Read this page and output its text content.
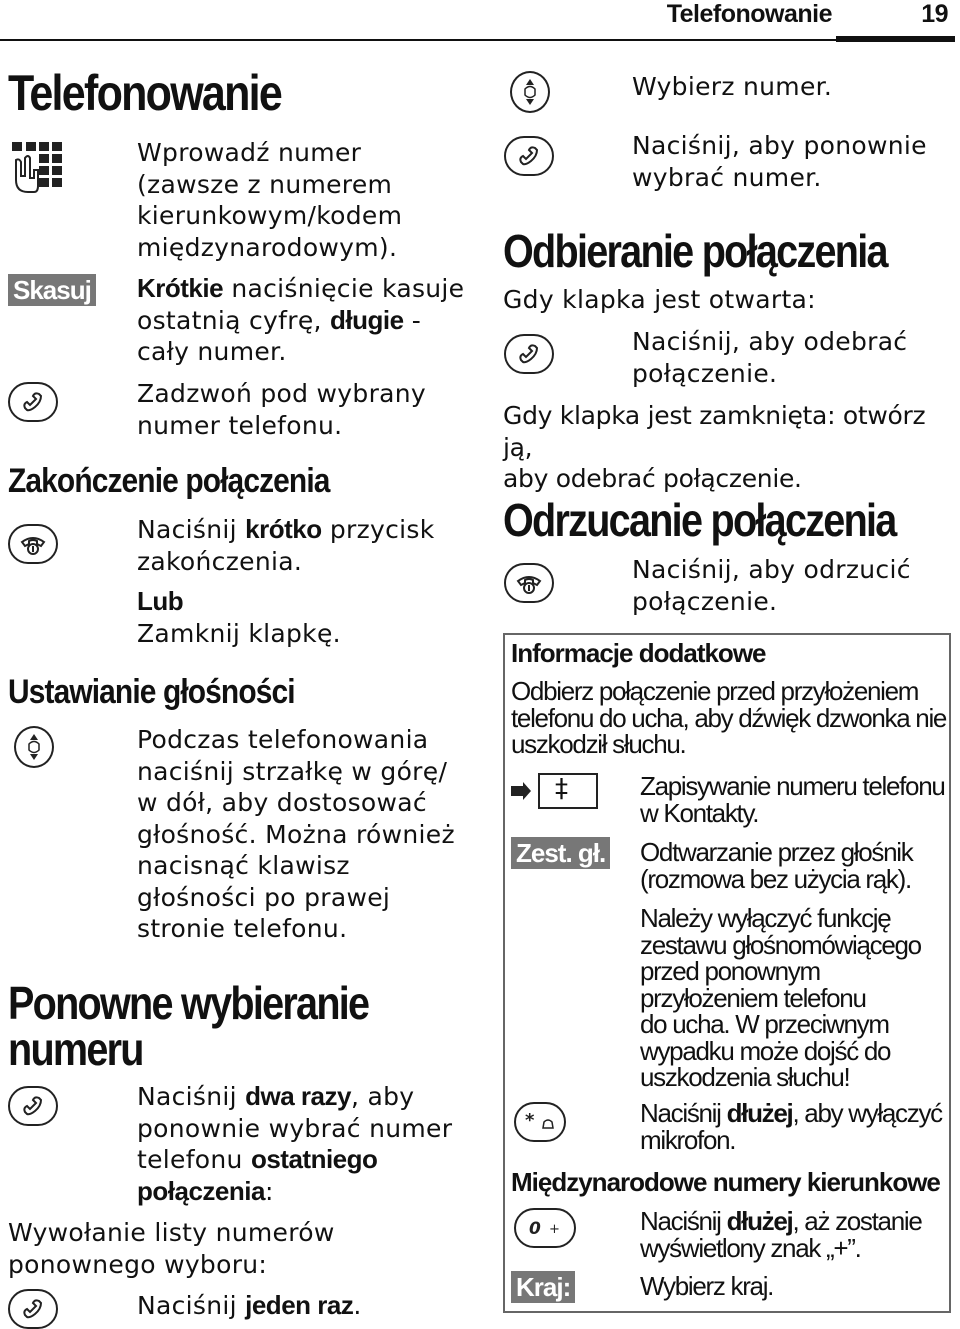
Telefonowanie	19
Telefonowanie
Wprowadź numer
(zawsze z numerem
kierunkowym/kodem
międzynarodowym).
Skasuj Krótkie naciśnięcie kasuje
ostatnią cyfrę, długie -
cały numer.
Zadzwoń pod wybrany
numer telefonu.
Zakończenie połączenia
Naciśnij krótko przycisk
zakończenia.
Lub
Zamknij klapkę.
Ustawianie głośności
Podczas telefonowania
naciśnij strzałkę w górę/
w dół, aby dostosować
głośność. Można również
nacisnąć klawisz
głośności po prawej
stronie telefonu.
Ponowne wybieranie
numeru
Naciśnij dwa razy, aby
ponownie wybrać numer
telefonu ostatniego
połączenia:
Wywołanie listy numerów
ponownego wyboru:
Naciśnij jeden raz.
Wybierz numer.
Naciśnij, aby ponownie
wybrać numer.
Odbieranie połączenia
Gdy klapka jest otwarta:
Naciśnij, aby odebrać
połączenie.
Gdy klapka jest zamknięta: otwórz ją,
aby odebrać połączenie.
Odrzucanie połączenia
Naciśnij, aby odrzucić
połączenie.
Informacje dodatkowe
Odbierz połączenie przed przyłożeniem
telefonu do ucha, aby dźwięk dzwonka nie
uszkodził słuchu.
‡	Zapisywanie numeru telefonu
w Kontakty.
Zest. gł. Odtwarzanie przez głośnik
(rozmowa bez użycia rąk).
Należy wyłączyć funkcję
zestawu głośnomówiącego
przed ponownym
przyłożeniem telefonu
do ucha. W przeciwnym
wypadku może dojść do
uszkodzenia słuchu!
*	Naciśnij dłużej, aby wyłączyć
mikrofon.
Międzynarodowe numery kierunkowe
0 +	Naciśnij dłużej, aż zostanie
wyświetlony znak „+”.
Kraj:	Wybierz kraj.
